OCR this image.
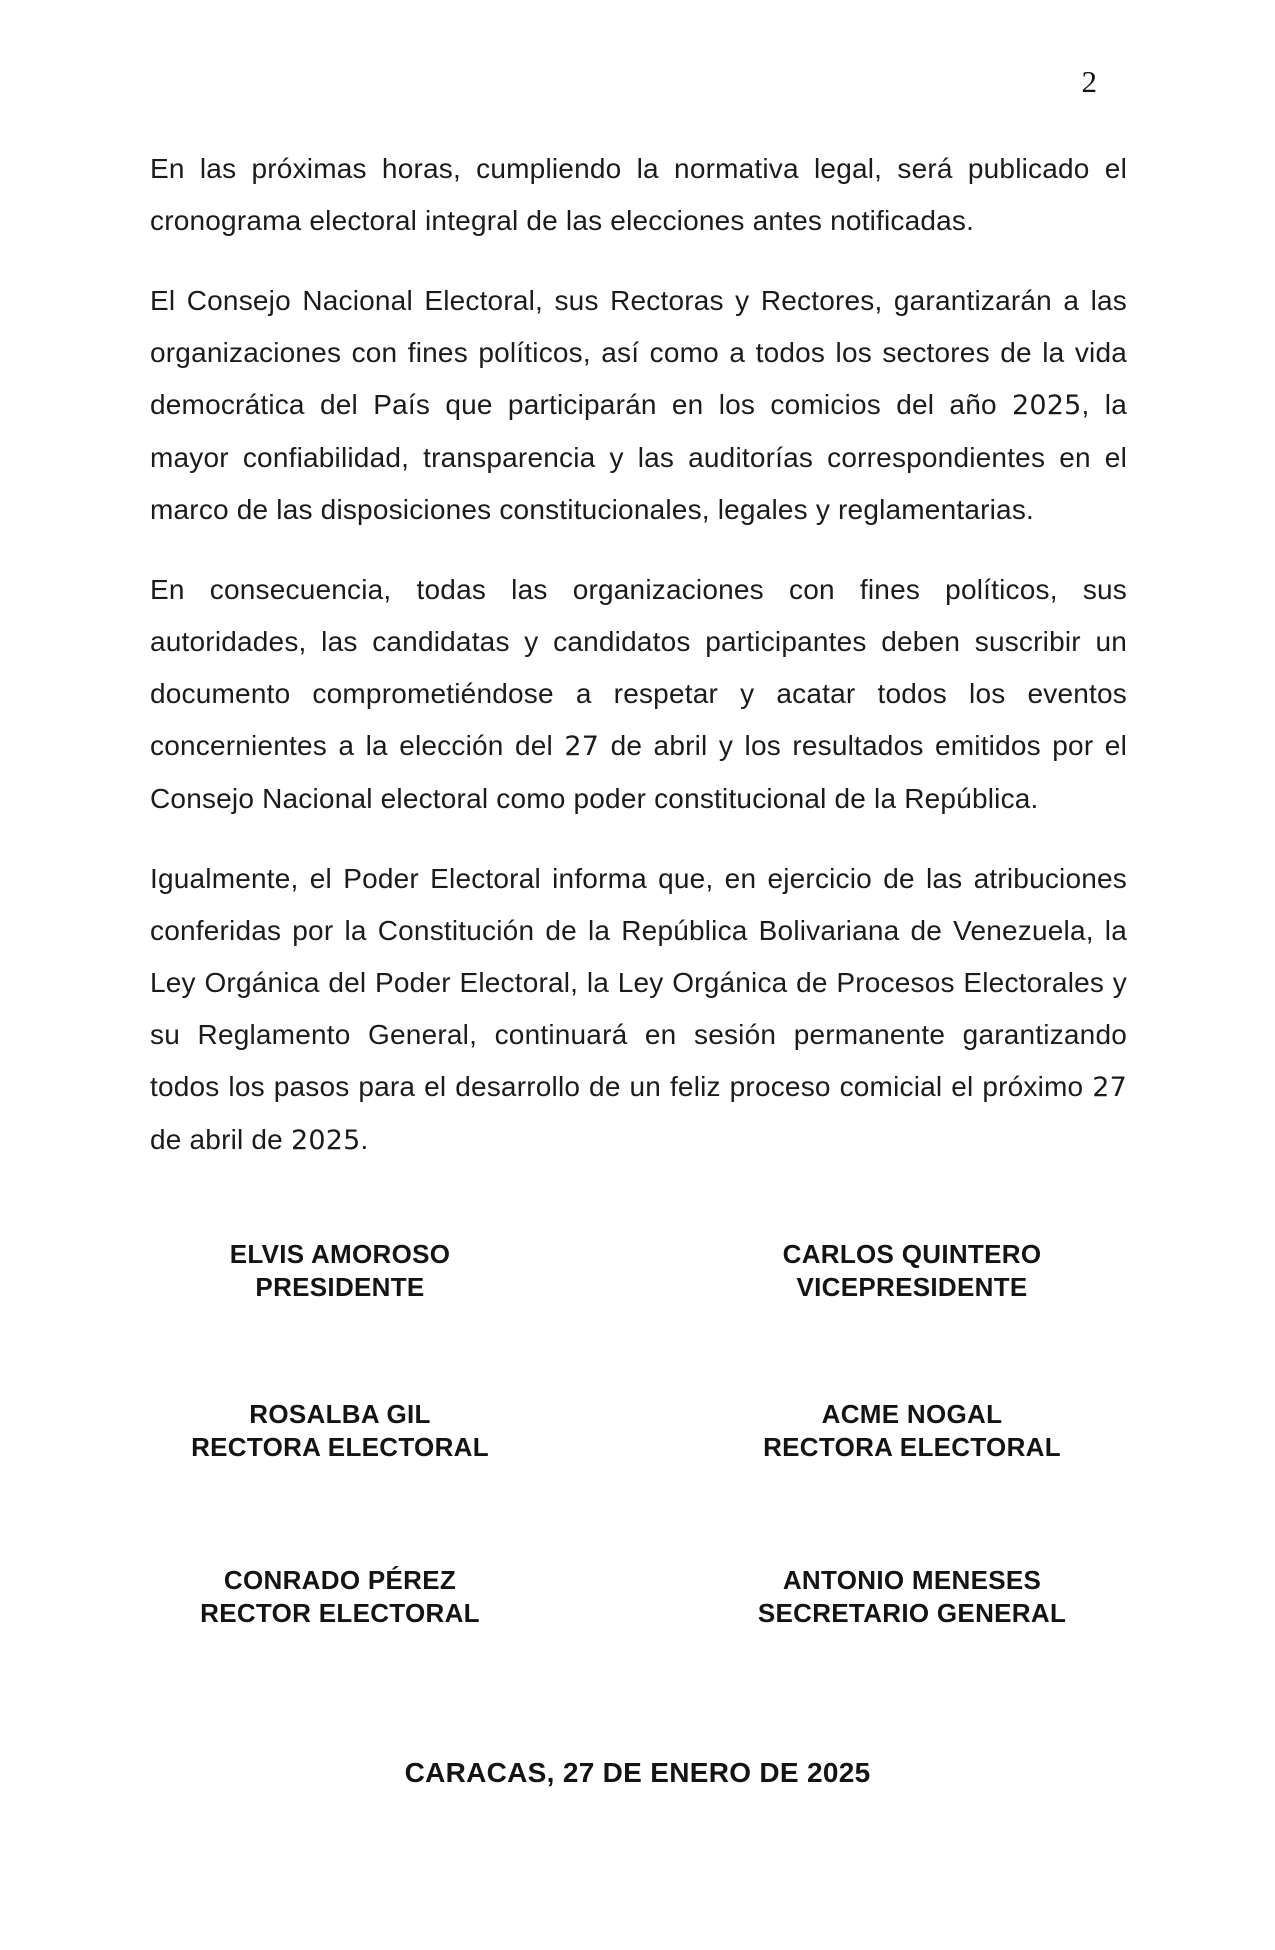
2

En las próximas horas, cumpliendo la normativa legal, será publicado el cronograma electoral integral de las elecciones antes notificadas.

El Consejo Nacional Electoral, sus Rectoras y Rectores, garantizarán a las organizaciones con fines políticos, así como a todos los sectores de la vida democrática del País que participarán en los comicios del año 2025, la mayor confiabilidad, transparencia y las auditorías correspondientes en el marco de las disposiciones constitucionales, legales y reglamentarias.

En consecuencia, todas las organizaciones con fines políticos, sus autoridades, las candidatas y candidatos participantes deben suscribir un documento comprometiéndose a respetar y acatar todos los eventos concernientes a la elección del 27 de abril y los resultados emitidos por el Consejo Nacional electoral como poder constitucional de la República.

Igualmente, el Poder Electoral informa que, en ejercicio de las atribuciones conferidas por la Constitución de la República Bolivariana de Venezuela, la Ley Orgánica del Poder Electoral, la Ley Orgánica de Procesos Electorales y su Reglamento General, continuará en sesión permanente garantizando todos los pasos para el desarrollo de un feliz proceso comicial el próximo 27 de abril de 2025.

ELVIS AMOROSO
PRESIDENTE
CARLOS QUINTERO
VICEPRESIDENTE
ROSALBA GIL
RECTORA ELECTORAL
ACME NOGAL
RECTORA ELECTORAL
CONRADO PÉREZ
RECTOR ELECTORAL
ANTONIO MENESES
SECRETARIO GENERAL
CARACAS, 27 DE ENERO DE 2025
